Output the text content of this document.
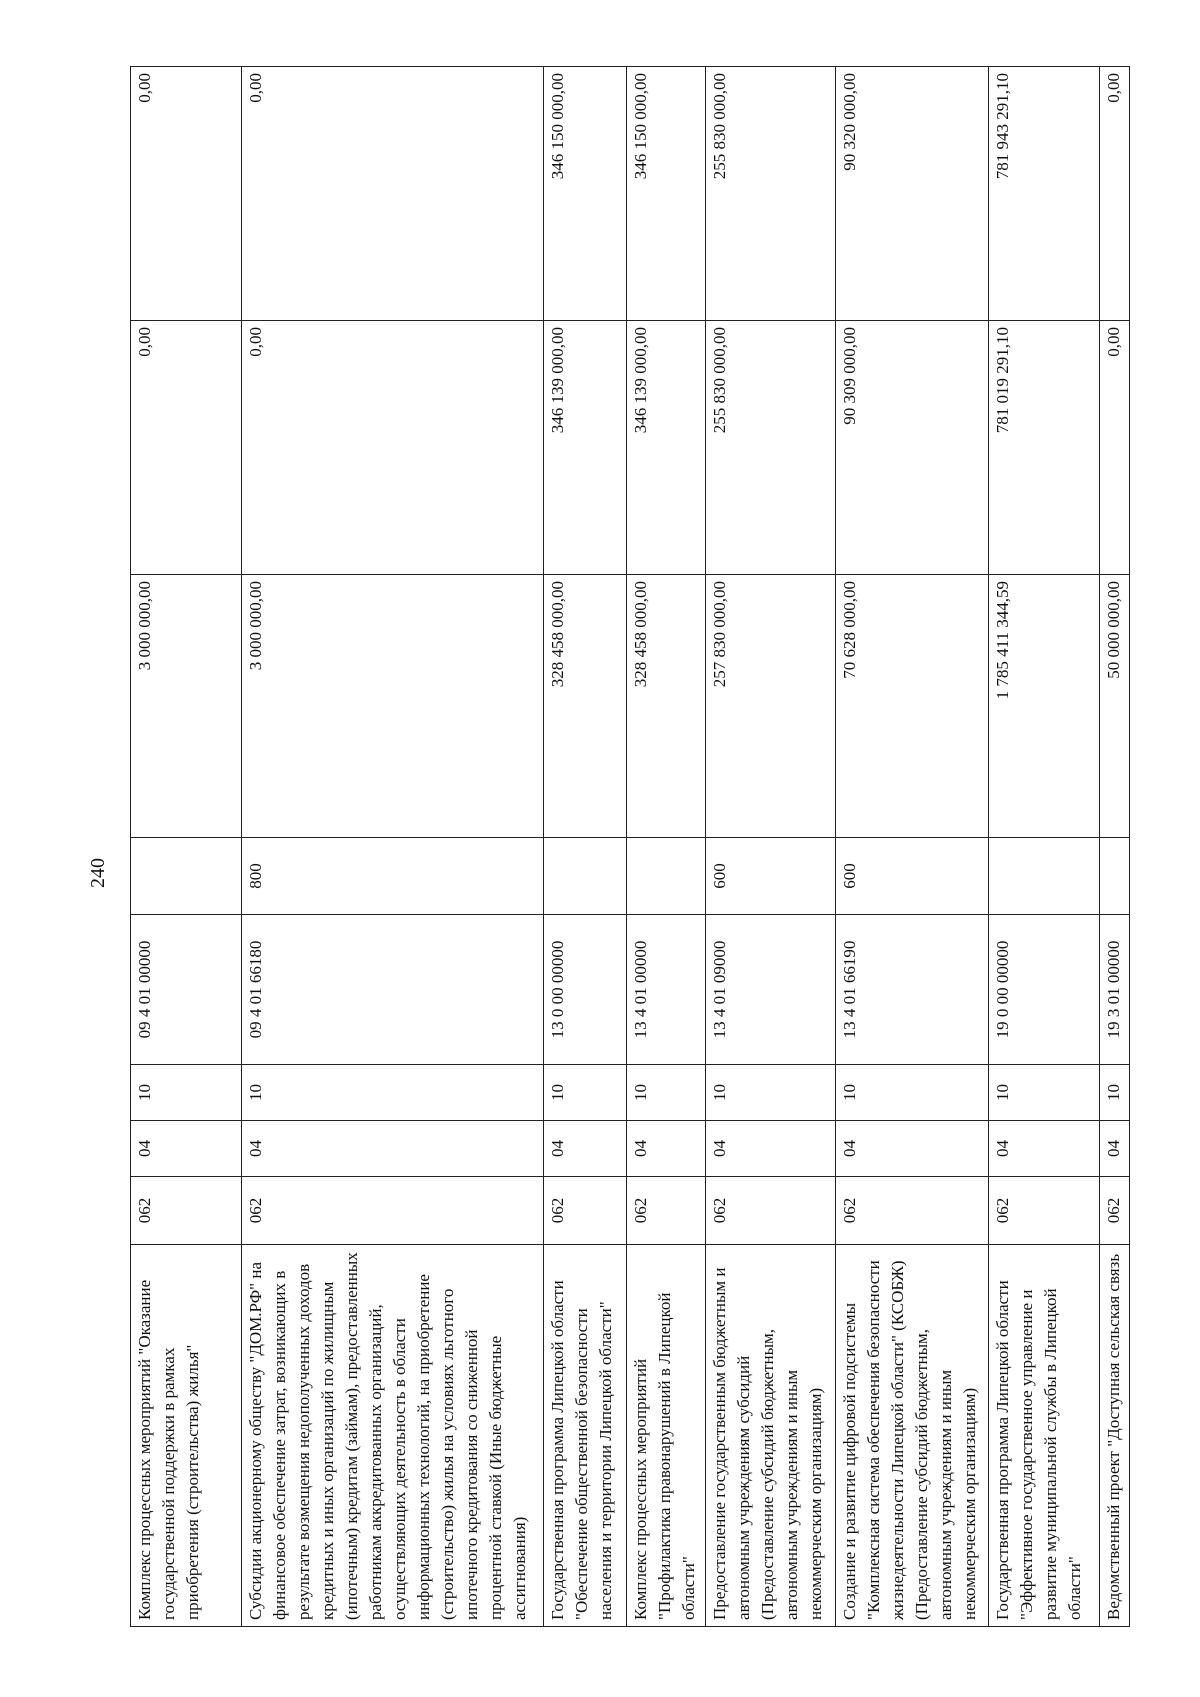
240
Комплекс процессных мероприятий "Оказание государственной поддержки в рамках приобретения (строительства) жилья"	062	04	10	09 4 01 00000		3 000 000,00	0,00	0,00
Субсидии акционерному обществу "ДОМ.РФ" на финансовое обеспечение затрат, возникающих в результате возмещения недополученных доходов кредитных и иных организаций по жилищным (ипотечным) кредитам (займам), предоставленных работникам аккредитованных организаций, осуществляющих деятельность в области информационных технологий, на приобретение (строительство) жилья на условиях льготного ипотечного кредитования со сниженной процентной ставкой (Иные бюджетные ассигнования)	062	04	10	09 4 01 66180	800	3 000 000,00	0,00	0,00
Государственная программа Липецкой области "Обеспечение общественной безопасности населения и территории Липецкой области"	062	04	10	13 0 00 00000		328 458 000,00	346 139 000,00	346 150 000,00
Комплекс процессных мероприятий "Профилактика правонарушений в Липецкой области"	062	04	10	13 4 01 00000		328 458 000,00	346 139 000,00	346 150 000,00
Предоставление государственным бюджетным и автономным учреждениям субсидий (Предоставление субсидий бюджетным, автономным учреждениям и иным некоммерческим организациям)	062	04	10	13 4 01 09000	600	257 830 000,00	255 830 000,00	255 830 000,00
Создание и развитие цифровой подсистемы "Комплексная система обеспечения безопасности жизнедеятельности Липецкой области" (КСОБЖ) (Предоставление субсидий бюджетным, автономным учреждениям и иным некоммерческим организациям)	062	04	10	13 4 01 66190	600	70 628 000,00	90 309 000,00	90 320 000,00
Государственная программа Липецкой области "Эффективное государственное управление и развитие муниципальной службы в Липецкой области"	062	04	10	19 0 00 00000		1 785 411 344,59	781 019 291,10	781 943 291,10
Ведомственный проект "Доступная сельская связь	062	04	10	19 3 01 00000		50 000 000,00	0,00	0,00
